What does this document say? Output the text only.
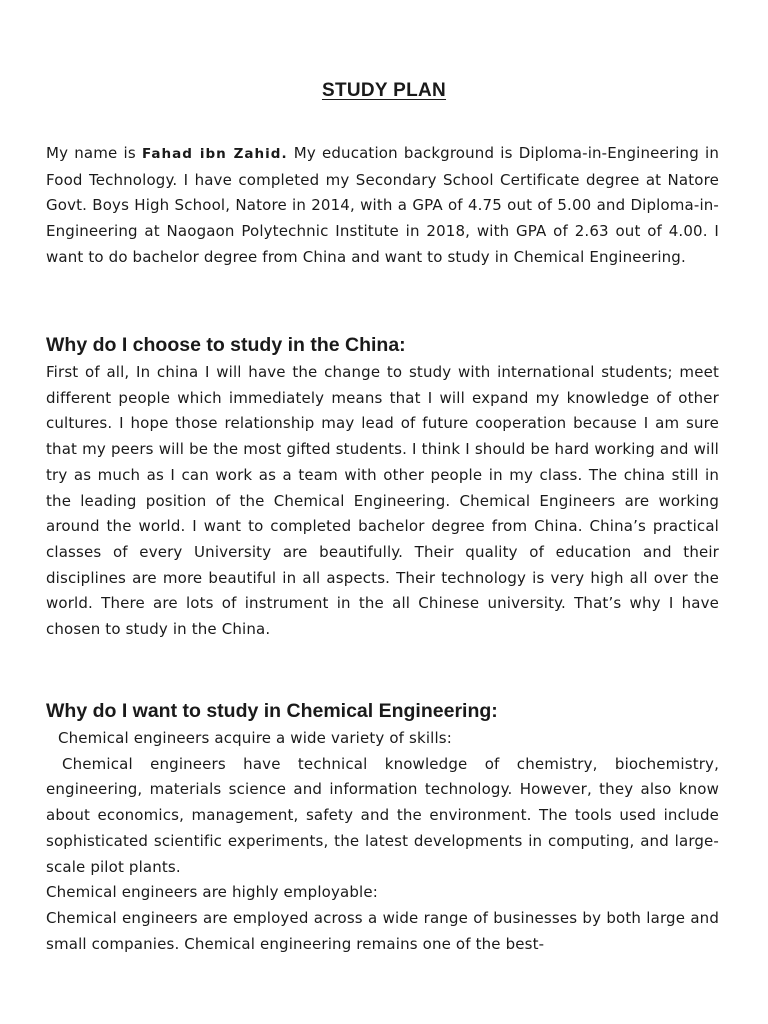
STUDY PLAN

My name is Fahad ibn Zahid. My education background is Diploma-in-Engineering in Food Technology. I have completed my Secondary School Certificate degree at Natore Govt. Boys High School, Natore in 2014, with a GPA of 4.75 out of 5.00 and Diploma-in-Engineering at Naogaon Polytechnic Institute in 2018, with GPA of 2.63 out of 4.00. I want to do bachelor degree from China and want to study in Chemical Engineering.

Why do I choose to study in the China:

First of all, In china I will have the change to study with international students; meet different people which immediately means that I will expand my knowledge of other cultures. I hope those relationship may lead of future cooperation because I am sure that my peers will be the most gifted students. I think I should be hard working and will try as much as I can work as a team with other people in my class. The china still in the leading position of the Chemical Engineering. Chemical Engineers are working around the world. I want to completed bachelor degree from China. China’s practical classes of every University are beautifully. Their quality of education and their disciplines are more beautiful in all aspects. Their technology is very high all over the world. There are lots of instrument in the all Chinese university. That’s why I have chosen to study in the China.

Why do I want to study in Chemical Engineering:

Chemical engineers acquire a wide variety of skills:

Chemical engineers have technical knowledge of chemistry, biochemistry, engineering, materials science and information technology. However, they also know about economics, management, safety and the environment. The tools used include sophisticated scientific experiments, the latest developments in computing, and large-scale pilot plants.

Chemical engineers are highly employable:

Chemical engineers are employed across a wide range of businesses by both large and small companies. Chemical engineering remains one of the best-
